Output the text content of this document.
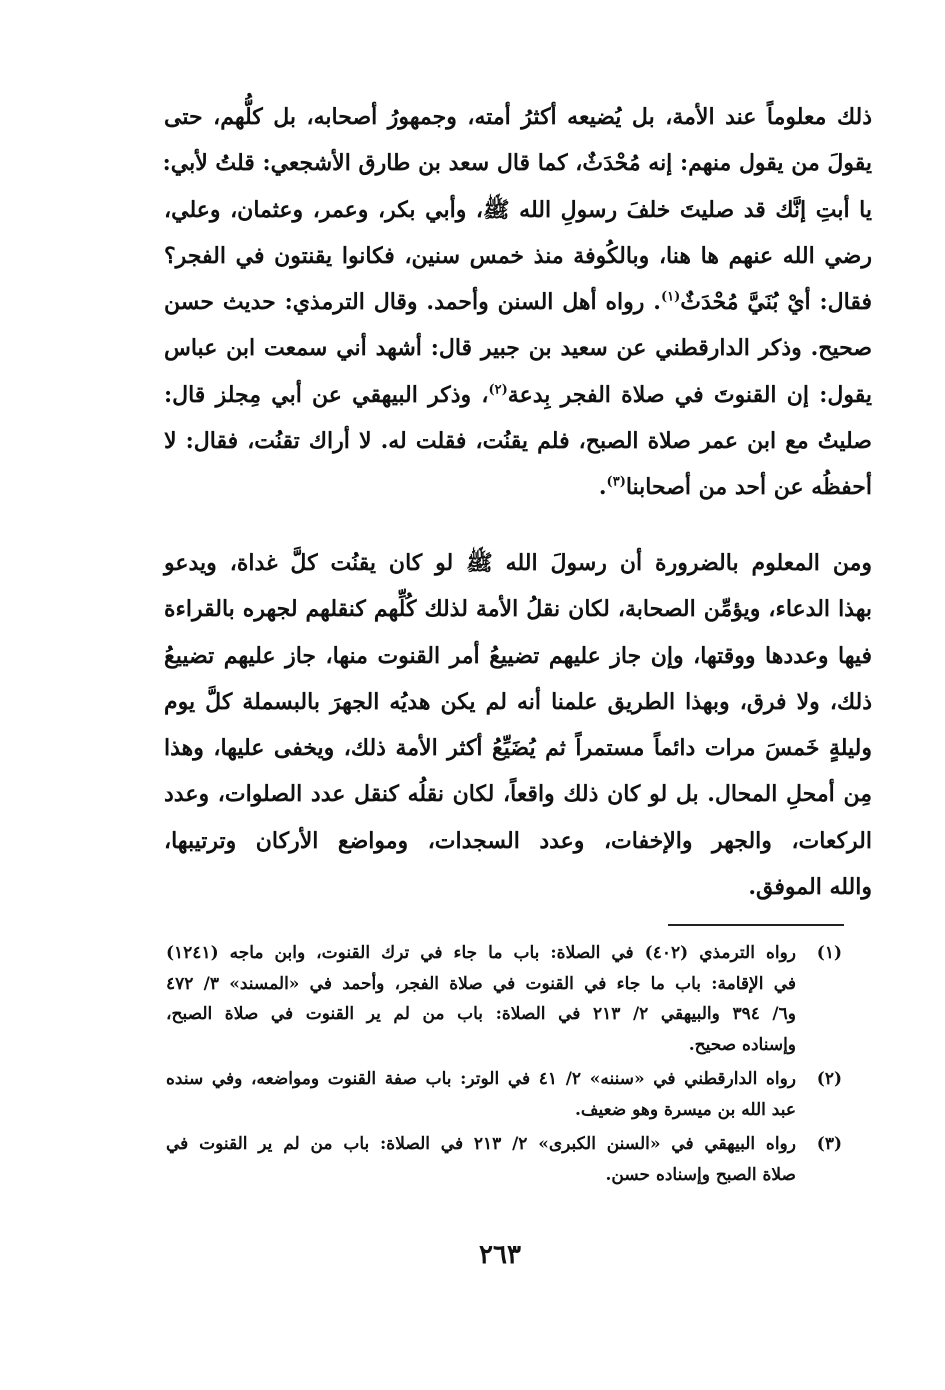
ذلك معلوماً عند الأمة، بل يُضيعه أكثرُ أمته، وجمهورُ أصحابه، بل كلُّهم، حتى
يقولَ من يقول منهم: إنه مُحْدَثٌ، كما قال سعد بن طارق الأشجعي: قلتُ لأبي:
يا أبتِ إنَّك قد صليتَ خلفَ رسولِ الله ﷺ، وأبي بكر، وعمر، وعثمان، وعلي،
رضي الله عنهم ها هنا، وبالكُوفة منذ خمس سنين، فكانوا يقنتون في الفجر؟
فقال: أيْ بُنَيَّ مُحْدَثٌ$^{(١)}$. رواه أهل السنن وأحمد. وقال الترمذي: حديث حسن
صحيح. وذكر الدارقطني عن سعيد بن جبير قال: أشهد أني سمعت ابن عباس
يقول: إن القنوتَ في صلاة الفجر بِدعة$^{(٢)}$، وذكر البيهقي عن أبي مِجلز قال:
صليتُ مع ابن عمر صلاة الصبح، فلم يقنُت، فقلت له. لا أراك تقنُت، فقال: لا
أحفظُه عن أحد من أصحابنا$^{(٣)}$.
ومن المعلوم بالضرورة أن رسولَ الله ﷺ لو كان يقنُت كلَّ غداة، ويدعو
بهذا الدعاء، ويؤمِّن الصحابة، لكان نقلُ الأمة لذلك كُلِّهم كنقلهم لجهره بالقراءة
فيها وعددها ووقتها، وإن جاز عليهم تضييعُ أمر القنوت منها، جاز عليهم تضييعُ
ذلك، ولا فرق، وبهذا الطريق علمنا أنه لم يكن هديُه الجهرَ بالبسملة كلَّ يوم
وليلةٍ خَمسَ مرات دائماً مستمراً ثم يُضَيِّعُ أكثر الأمة ذلك، ويخفى عليها، وهذا
مِن أمحلِ المحال. بل لو كان ذلك واقعاً، لكان نقلُه كنقل عدد الصلوات، وعدد
الركعات، والجهر والإخفات، وعدد السجدات، ومواضع الأركان وترتيبها،
والله الموفق.
(١)
رواه الترمذي (٤٠٢) في الصلاة: باب ما جاء في ترك القنوت، وابن ماجه (١٢٤١)
في الإقامة: باب ما جاء في القنوت في صلاة الفجر، وأحمد في «المسند» ٣/ ٤٧٢
و٦/ ٣٩٤ والبيهقي ٢/ ٢١٣ في الصلاة: باب من لم ير القنوت في صلاة الصبح،
وإسناده صحيح.
(٢)
رواه الدارقطني في «سننه» ٢/ ٤١ في الوتر: باب صفة القنوت ومواضعه، وفي سنده
عبد الله بن ميسرة وهو ضعيف.
(٣)
رواه البيهقي في «السنن الكبرى» ٢/ ٢١٣ في الصلاة: باب من لم ير القنوت في
صلاة الصبح وإسناده حسن.
٢٦٣
